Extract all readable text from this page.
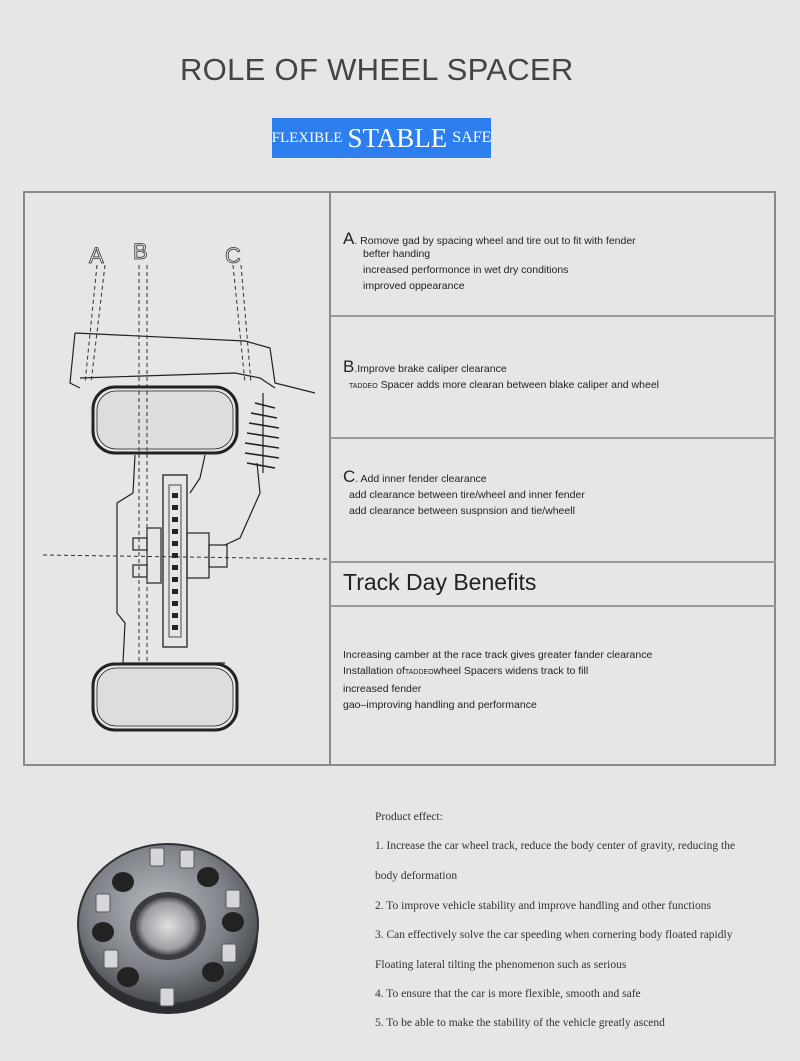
ROLE OF WHEEL SPACER
FLEXIBLE STABLE SAFE
A B	C
A. Romove gad by spacing wheel and tire out to fit with fender
befter handing
increased performonce in wet dry conditions
improved oppearance
B.Improve brake caliper clearance
TADDEO Spacer adds more clearan between blake caliper and wheel
C. Add inner fender clearance
add clearance between tire/wheel and inner fender
add clearance between suspnsion and tie/wheell
Track Day Benefits
Increasing camber at the race track gives greater fander clearance
Installation ofTADDEOwheel Spacers widens track to fill
increased fender
gao–improving handling and performance
Product effect:
1. Increase the car wheel track, reduce the body center of gravity, reducing the
body deformation
2. To improve vehicle stability and improve handling and other functions
3. Can effectively solve the car speeding when cornering body floated rapidly
Floating lateral tilting the phenomenon such as serious
4. To ensure that the car is more flexible, smooth and safe
5. To be able to make the stability of the vehicle greatly ascend
